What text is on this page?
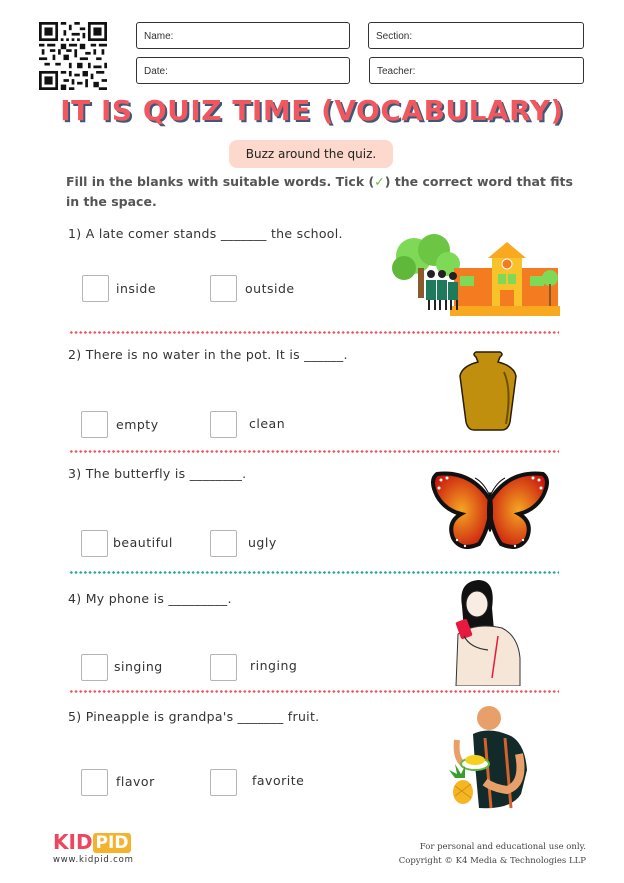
Name:	Section:
Date:	Teacher:
IT IS QUIZ TIME (VOCABULARY)
Buzz around the quiz.
Fill in the blanks with suitable words. Tick (✓) the correct word that fits in the space.
1) A late comer stands _______ the school.
inside	outside
2) There is no water in the pot. It is ______.
empty	clean
3) The butterfly is ________.
beautiful	ugly
4) My phone is _________.
singing	ringing
5) Pineapple is grandpa's _______ fruit.
flavor	favorite
KID PID
www.kidpid.com
For personal and educational use only.
Copyright © K4 Media & Technologies LLP
